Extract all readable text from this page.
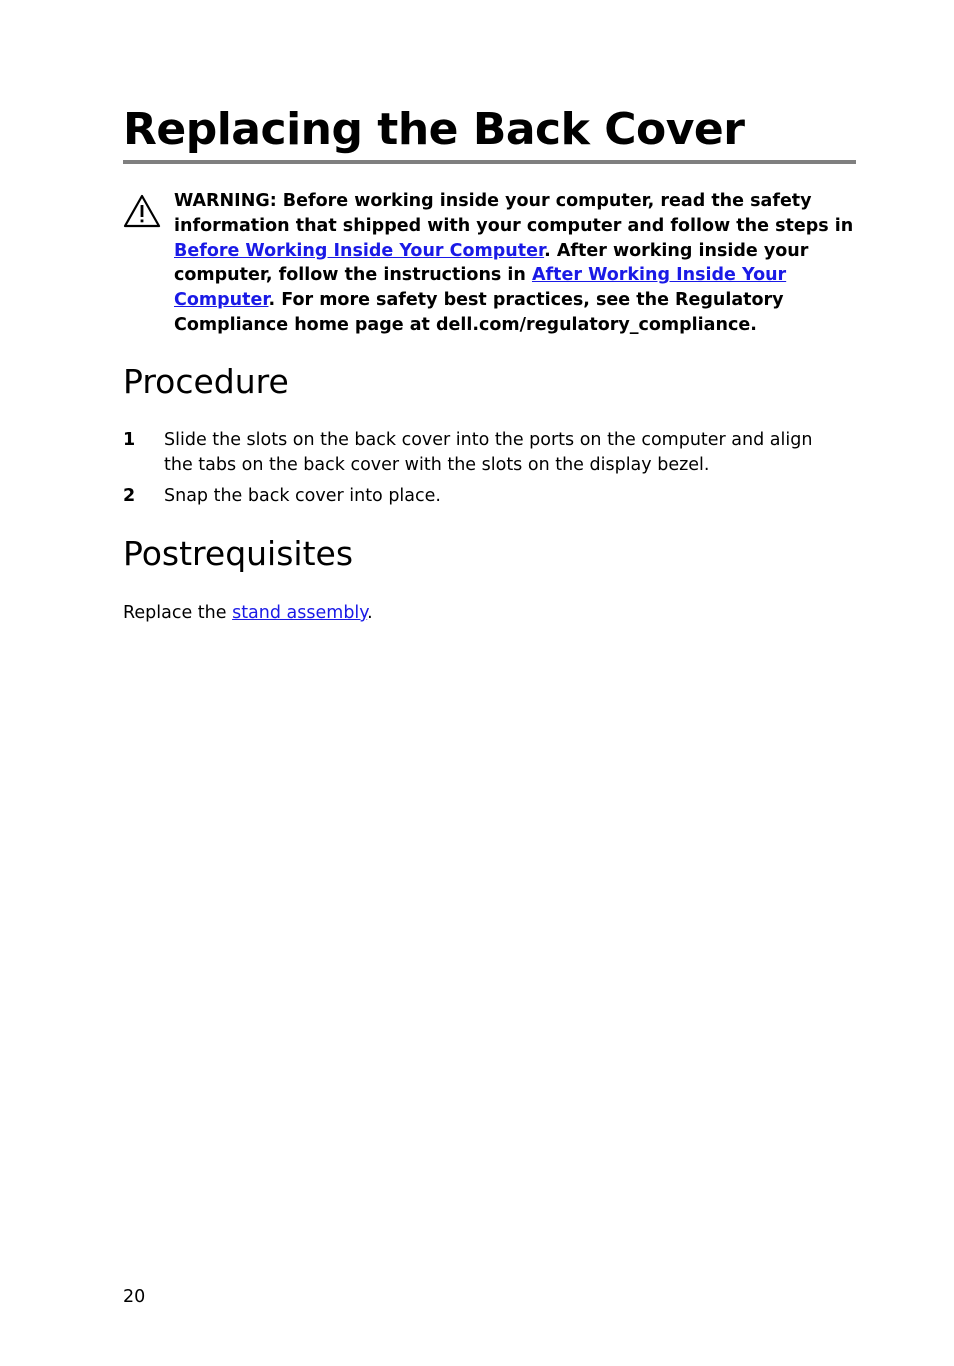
Replacing the Back Cover

WARNING: Before working inside your computer, read the safety information that shipped with your computer and follow the steps in Before Working Inside Your Computer. After working inside your computer, follow the instructions in After Working Inside Your Computer. For more safety best practices, see the Regulatory Compliance home page at dell.com/regulatory_compliance.

Procedure
1 Slide the slots on the back cover into the ports on the computer and align the tabs on the back cover with the slots on the display bezel.
2 Snap the back cover into place.
Postrequisites

Replace the stand assembly.

20
